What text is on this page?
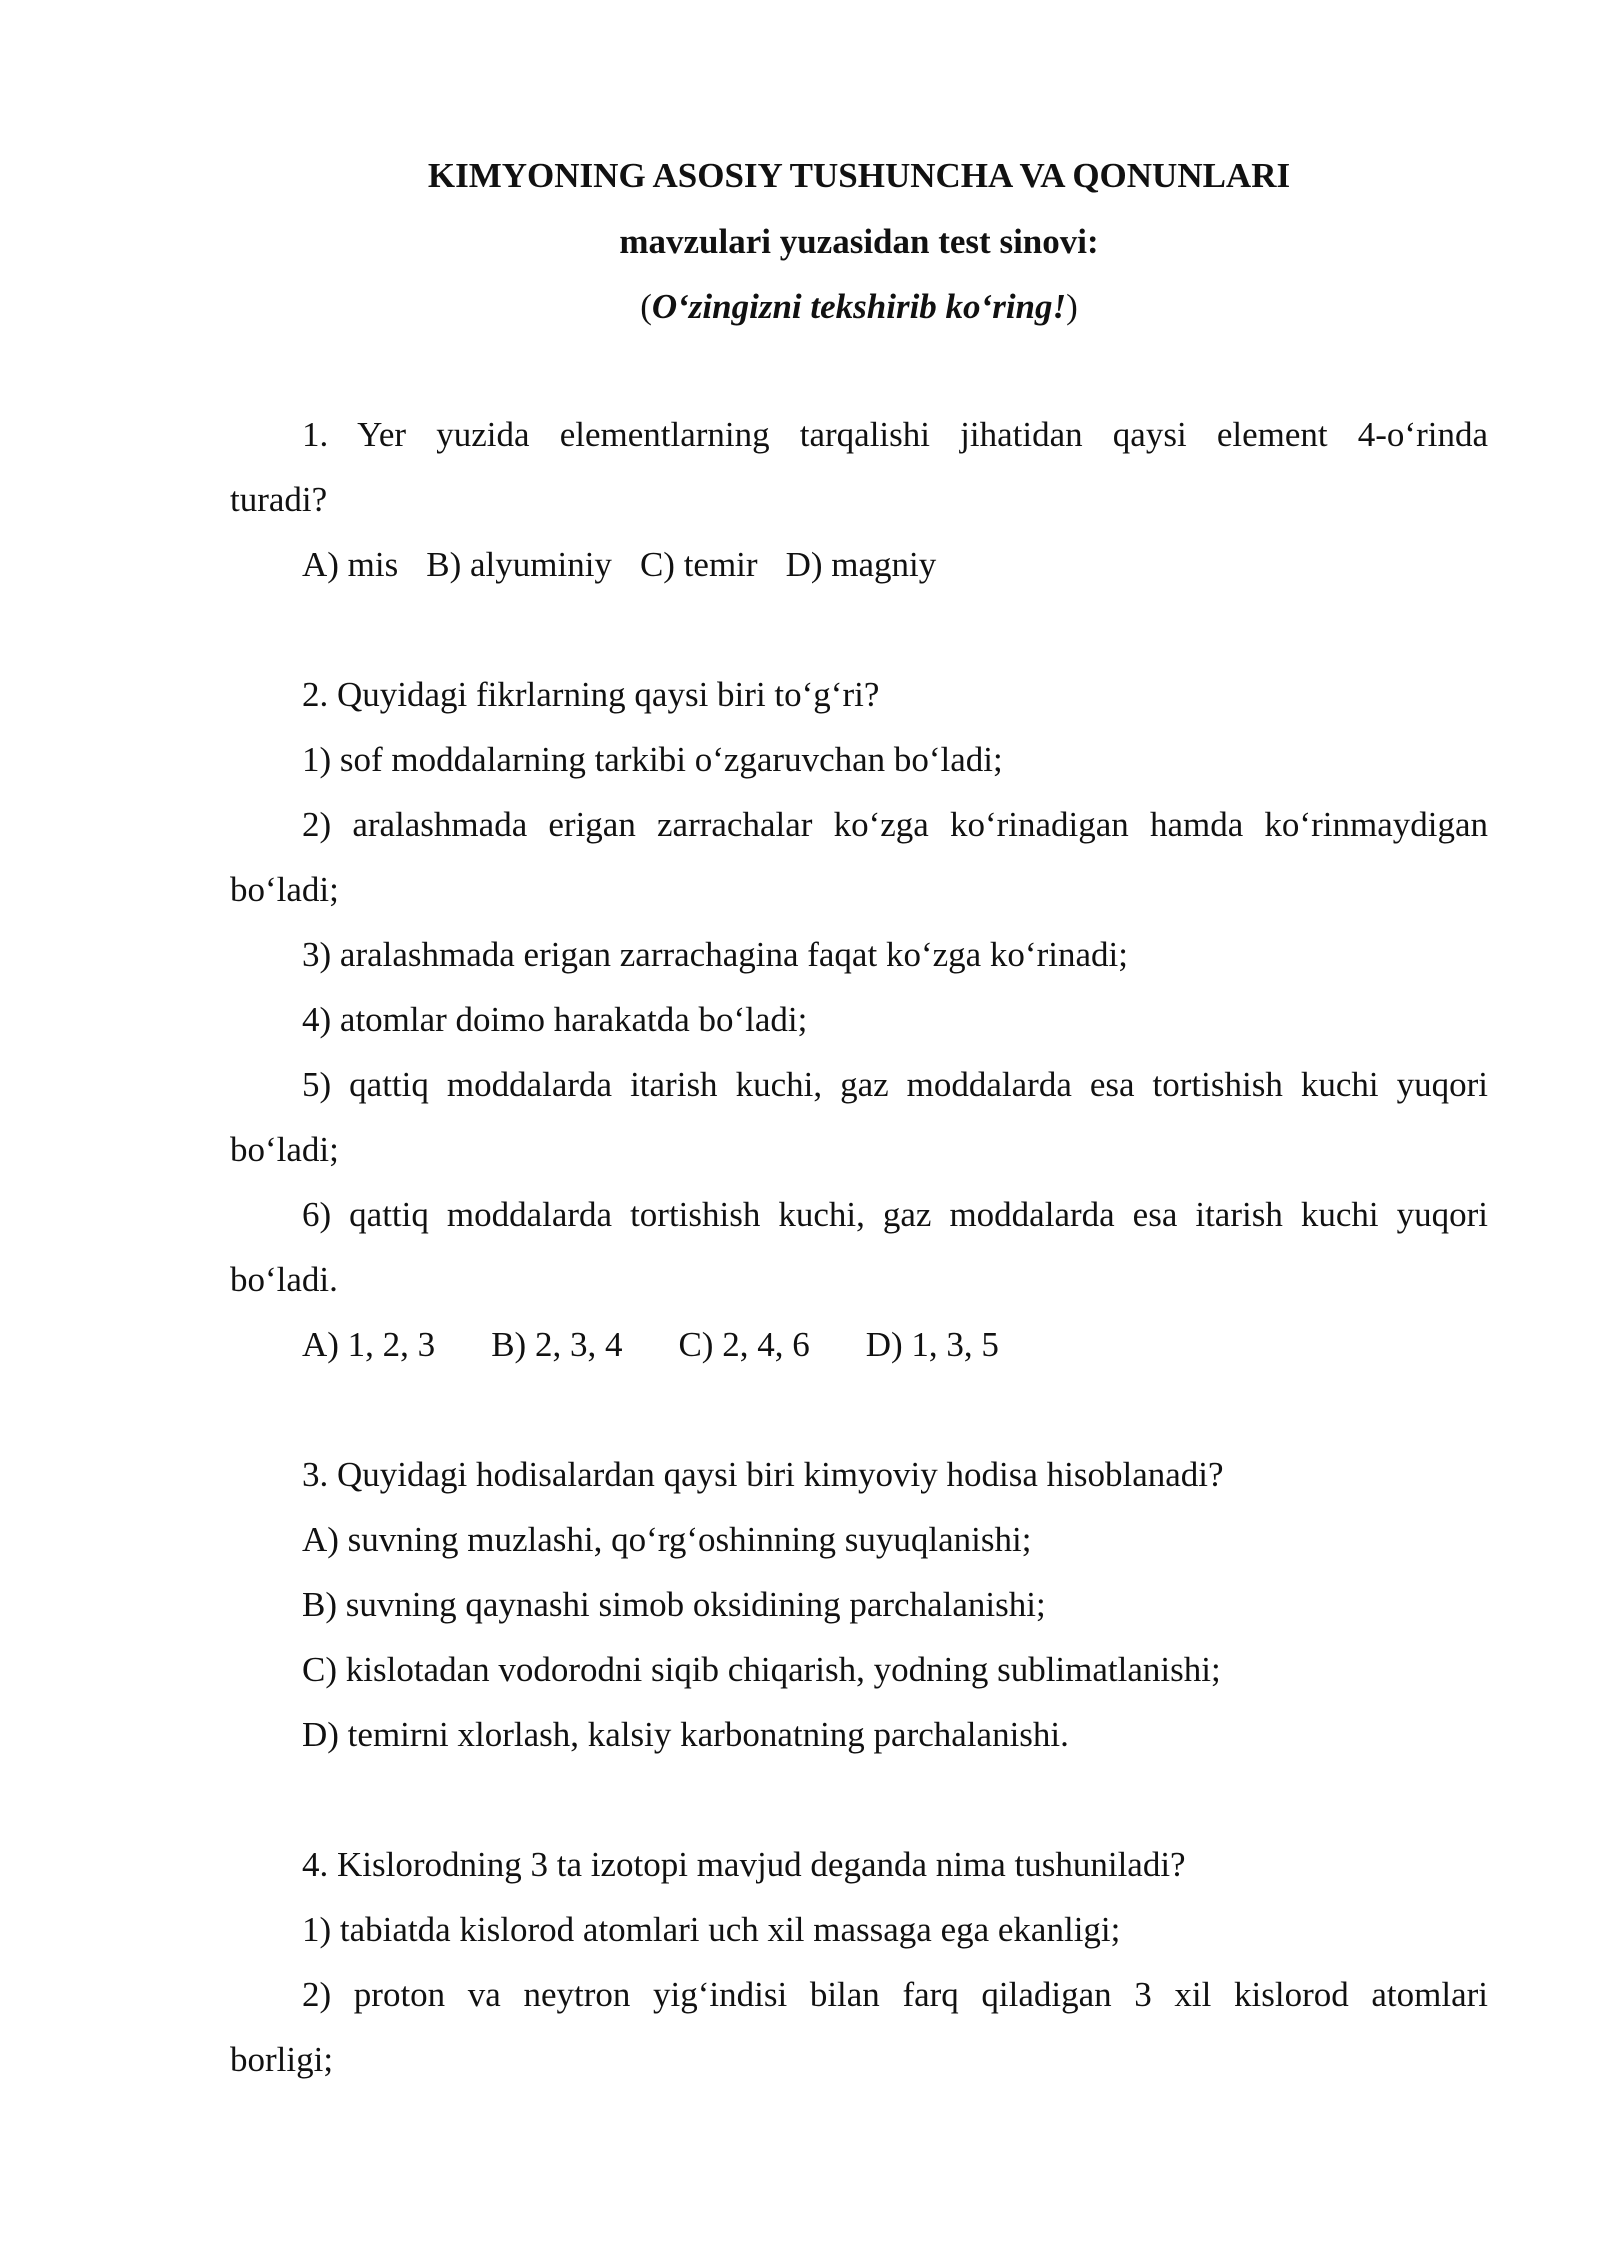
KIMYONING ASOSIY TUSHUNCHA VA QONUNLARI
mavzulari yuzasidan test sinovi:
(O‘zingizni tekshirib ko‘ring!)
1. Yer yuzida elementlarning tarqalishi jihatidan qaysi element 4-o‘rinda
turadi?
A) mis B) alyuminiy C) temir D) magniy
2. Quyidagi fikrlarning qaysi biri to‘g‘ri?
1) sof moddalarning tarkibi o‘zgaruvchan bo‘ladi;
2) aralashmada erigan zarrachalar ko‘zga ko‘rinadigan hamda ko‘rinmaydigan
bo‘ladi;
3) aralashmada erigan zarrachagina faqat ko‘zga ko‘rinadi;
4) atomlar doimo harakatda bo‘ladi;
5) qattiq moddalarda itarish kuchi, gaz moddalarda esa tortishish kuchi yuqori
bo‘ladi;
6) qattiq moddalarda tortishish kuchi, gaz moddalarda esa itarish kuchi yuqori
bo‘ladi.
A) 1, 2, 3 B) 2, 3, 4 C) 2, 4, 6 D) 1, 3, 5
3. Quyidagi hodisalardan qaysi biri kimyoviy hodisa hisoblanadi?
A) suvning muzlashi, qo‘rg‘oshinning suyuqlanishi;
B) suvning qaynashi simob oksidining parchalanishi;
C) kislotadan vodorodni siqib chiqarish, yodning sublimatlanishi;
D) temirni xlorlash, kalsiy karbonatning parchalanishi.
4. Kislorodning 3 ta izotopi mavjud deganda nima tushuniladi?
1) tabiatda kislorod atomlari uch xil massaga ega ekanligi;
2) proton va neytron yig‘indisi bilan farq qiladigan 3 xil kislorod atomlari
borligi;
